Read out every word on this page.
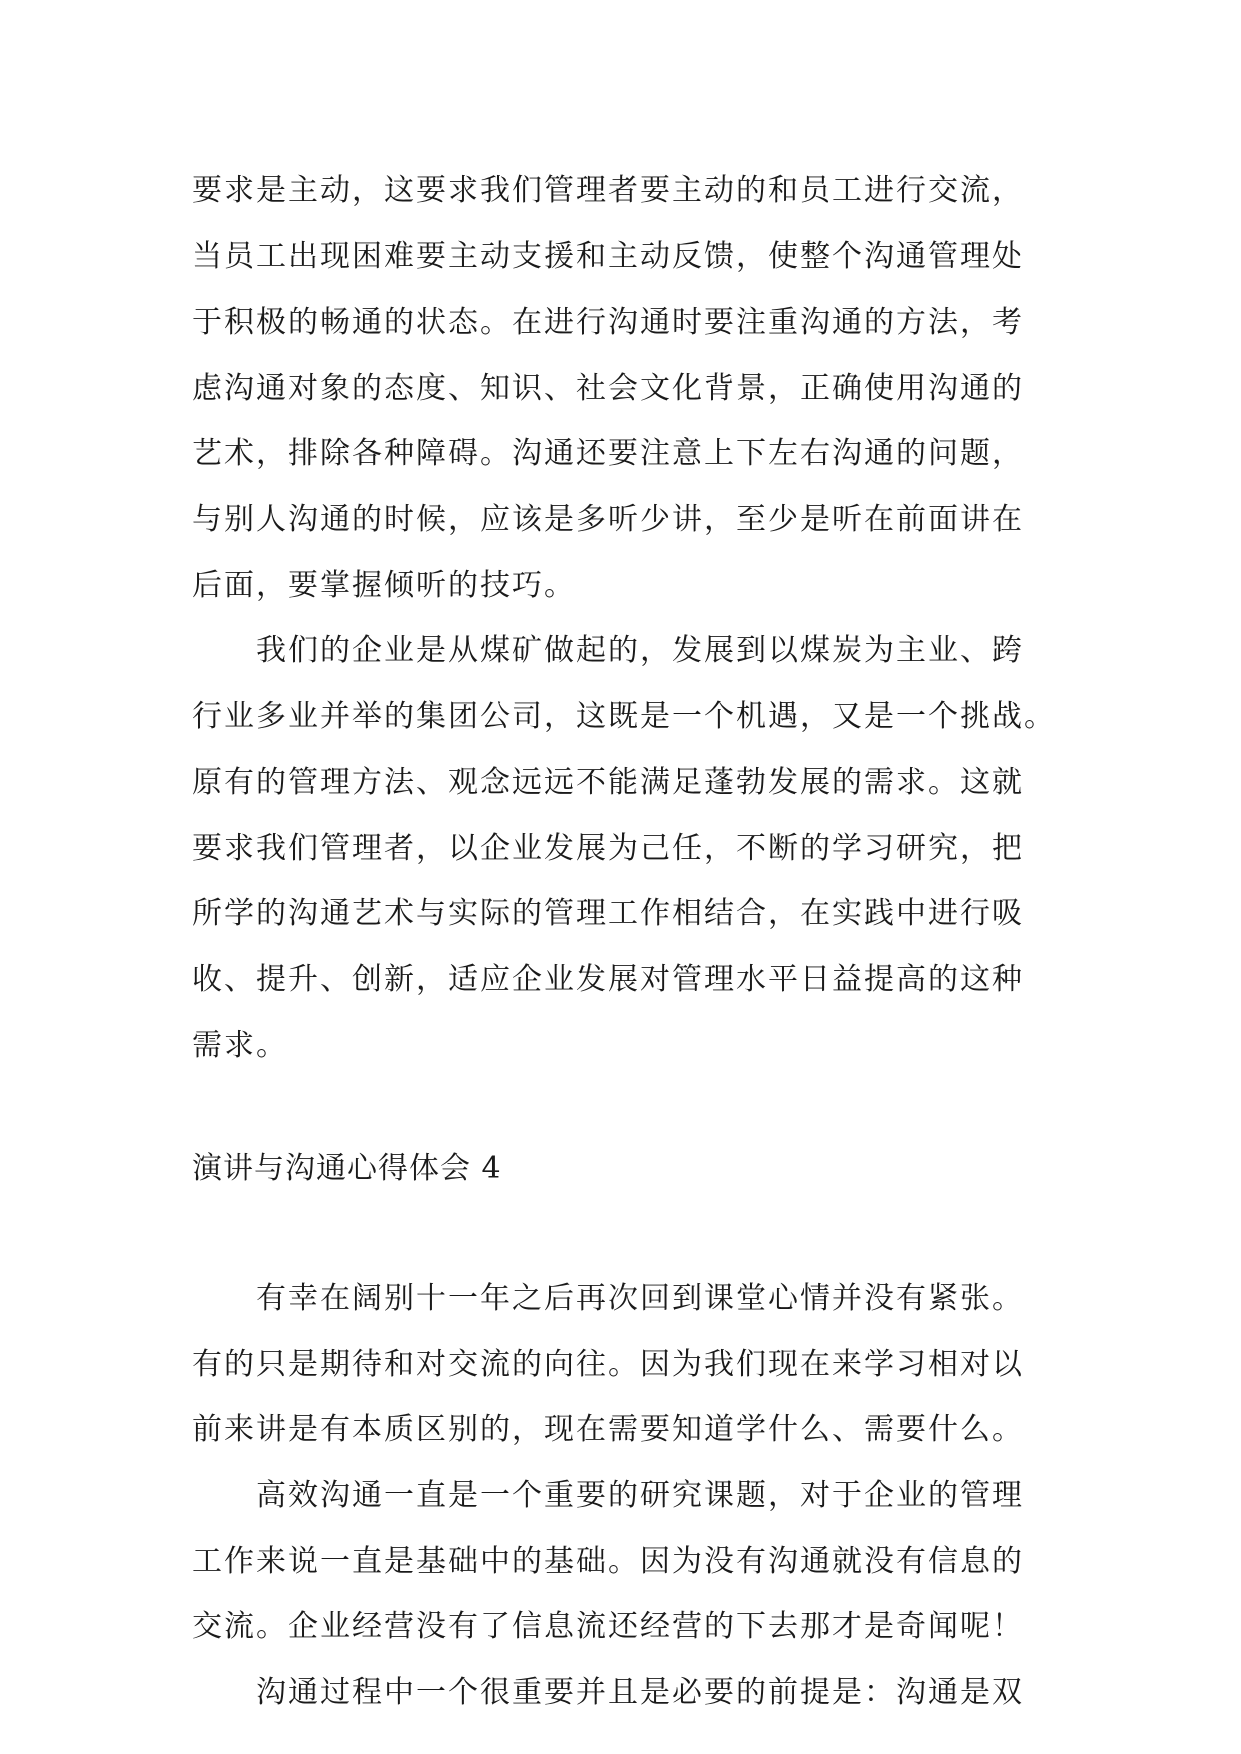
要求是主动，这要求我们管理者要主动的和员工进行交流，
当员工出现困难要主动支援和主动反馈，使整个沟通管理处
于积极的畅通的状态。在进行沟通时要注重沟通的方法，考
虑沟通对象的态度、知识、社会文化背景，正确使用沟通的
艺术，排除各种障碍。沟通还要注意上下左右沟通的问题，
与别人沟通的时候，应该是多听少讲，至少是听在前面讲在
后面，要掌握倾听的技巧。
我们的企业是从煤矿做起的，发展到以煤炭为主业、跨
行业多业并举的集团公司，这既是一个机遇，又是一个挑战。
原有的管理方法、观念远远不能满足蓬勃发展的需求。这就
要求我们管理者，以企业发展为己任，不断的学习研究，把
所学的沟通艺术与实际的管理工作相结合，在实践中进行吸
收、提升、创新，适应企业发展对管理水平日益提高的这种
需求。
演讲与沟通心得体会 4
有幸在阔别十一年之后再次回到课堂心情并没有紧张。
有的只是期待和对交流的向往。因为我们现在来学习相对以
前来讲是有本质区别的，现在需要知道学什么、需要什么。
高效沟通一直是一个重要的研究课题，对于企业的管理
工作来说一直是基础中的基础。因为没有沟通就没有信息的
交流。企业经营没有了信息流还经营的下去那才是奇闻呢！
沟通过程中一个很重要并且是必要的前提是：沟通是双
